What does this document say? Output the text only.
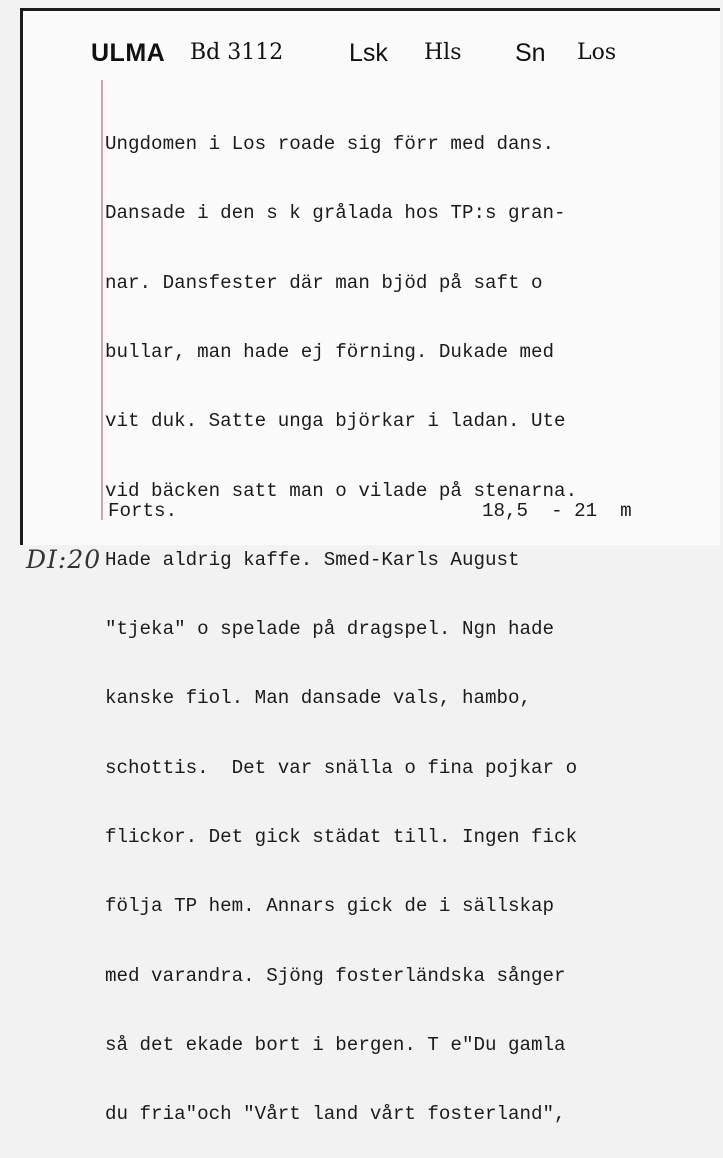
ULMA Bd 3112	Lsk Hls Sn Los

Ungdomen i Los roade sig förr med dans.

Dansade i den s k grålada hos TP:s gran-

nar. Dansfester där man bjöd på saft o

bullar, man hade ej förning. Dukade med

vit duk. Satte unga björkar i ladan. Ute

vid bäcken satt man o vilade på stenarna.

Hade aldrig kaffe. Smed-Karls August

"tjeka" o spelade på dragspel. Ngn hade

kanske fiol. Man dansade vals, hambo,

schottis.  Det var snälla o fina pojkar o

flickor. Det gick städat till. Ingen fick

följa TP hem. Annars gick de i sällskap

med varandra. Sjöng fosterländska sånger

så det ekade bort i bergen. T e"Du gamla

du fria"och "Vårt land vårt fosterland",

Forts.	18,5  - 21  m
DI:20
